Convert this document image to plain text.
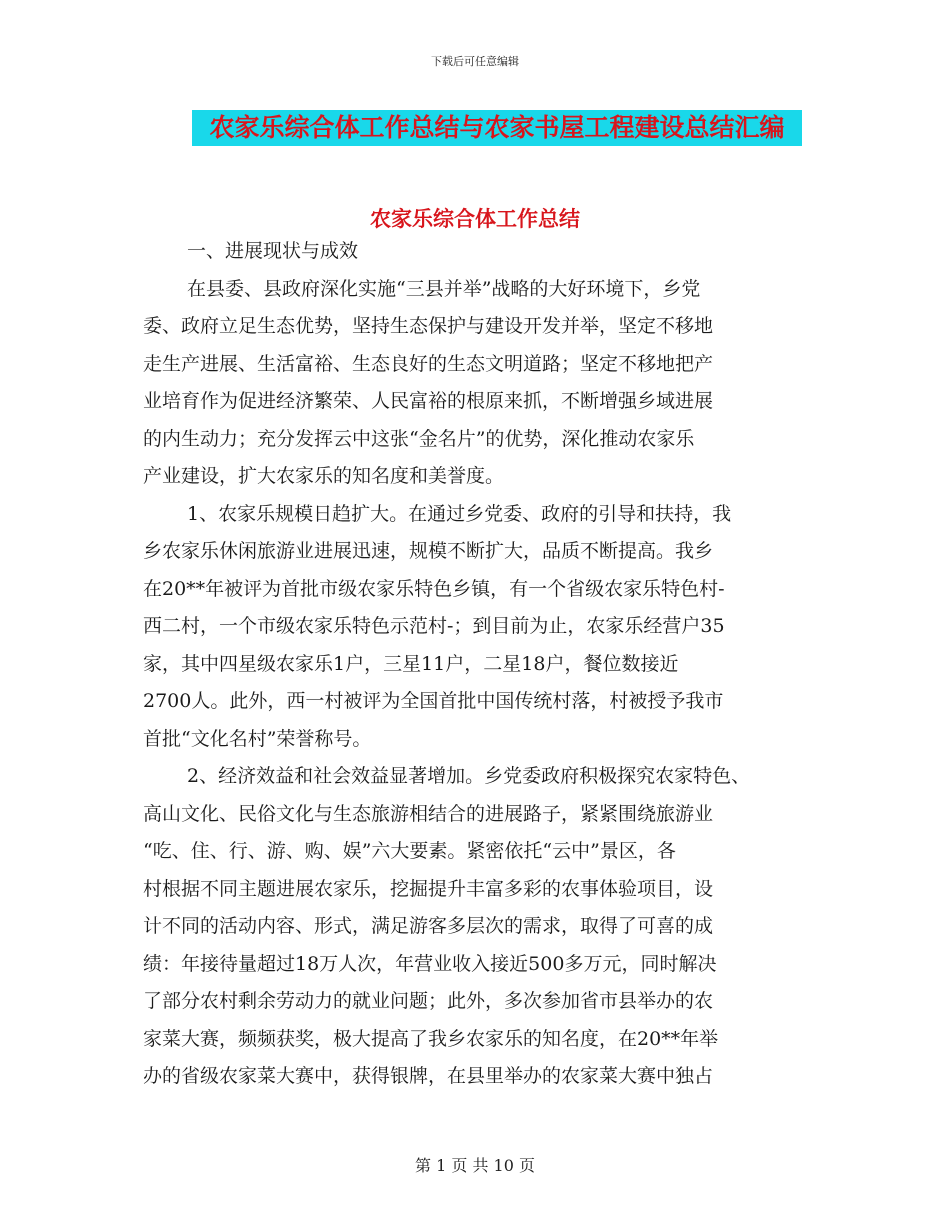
下载后可任意编辑
农家乐综合体工作总结与农家书屋工程建设总结汇编
农家乐综合体工作总结
一、进展现状与成效
在县委、县政府深化实施“三县并举”战略的大好环境下，乡党
委、政府立足生态优势，坚持生态保护与建设开发并举，坚定不移地
走生产进展、生活富裕、生态良好的生态文明道路；坚定不移地把产
业培育作为促进经济繁荣、人民富裕的根原来抓，不断增强乡域进展
的内生动力；充分发挥云中这张“金名片”的优势，深化推动农家乐
产业建设，扩大农家乐的知名度和美誉度。
1、农家乐规模日趋扩大。在通过乡党委、政府的引导和扶持，我
乡农家乐休闲旅游业进展迅速，规模不断扩大，品质不断提高。我乡
在20**年被评为首批市级农家乐特色乡镇，有一个省级农家乐特色村-
西二村，一个市级农家乐特色示范村-；到目前为止，农家乐经营户35
家，其中四星级农家乐1户，三星11户，二星18户，餐位数接近
2700人。此外，西一村被评为全国首批中国传统村落，村被授予我市
首批“文化名村”荣誉称号。
2、经济效益和社会效益显著增加。乡党委政府积极探究农家特色、
高山文化、民俗文化与生态旅游相结合的进展路子，紧紧围绕旅游业
“吃、住、行、游、购、娱”六大要素。紧密依托“云中”景区，各
村根据不同主题进展农家乐，挖掘提升丰富多彩的农事体验项目，设
计不同的活动内容、形式，满足游客多层次的需求，取得了可喜的成
绩：年接待量超过18万人次，年营业收入接近500多万元，同时解决
了部分农村剩余劳动力的就业问题；此外，多次参加省市县举办的农
家菜大赛，频频获奖，极大提高了我乡农家乐的知名度，在20**年举
办的省级农家菜大赛中，获得银牌，在县里举办的农家菜大赛中独占
第 1 页 共 10 页
